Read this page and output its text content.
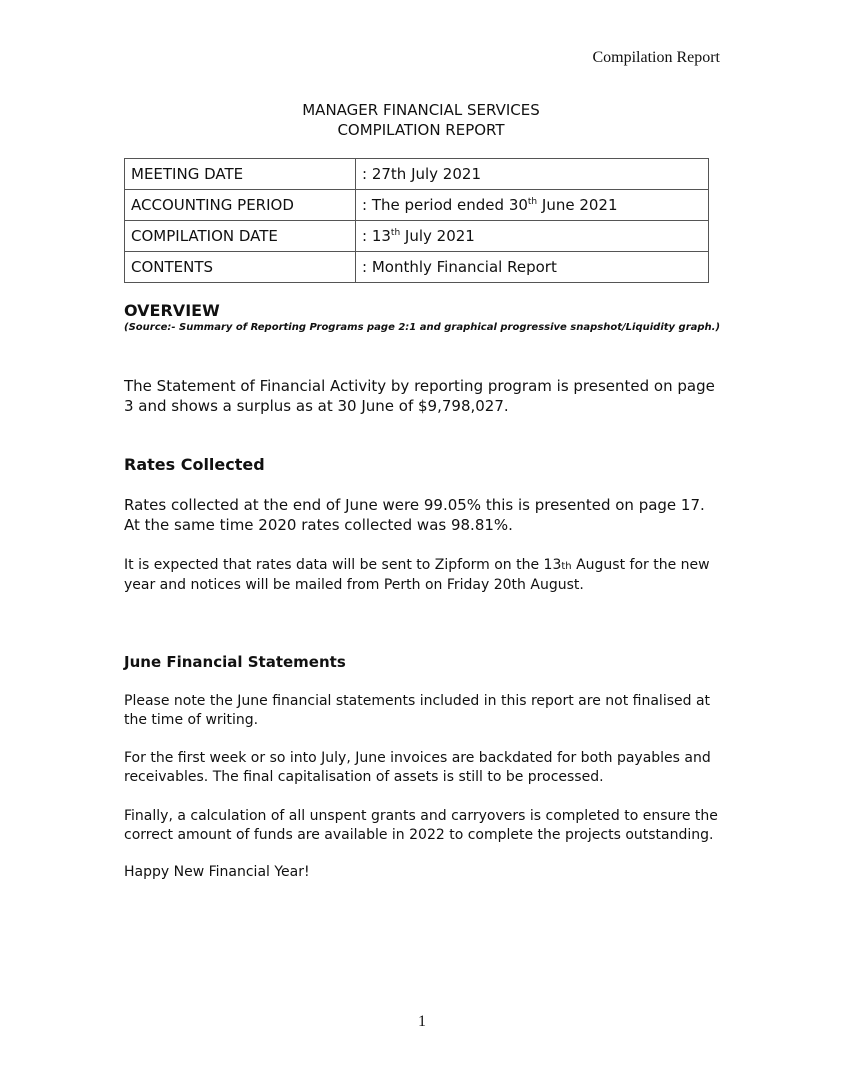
Compilation Report
MANAGER FINANCIAL SERVICES
COMPILATION REPORT
MEETING DATE	: 27th July 2021
ACCOUNTING PERIOD	: The period ended 30th June 2021
COMPILATION DATE	: 13th July 2021
CONTENTS	: Monthly Financial Report
OVERVIEW
(Source:- Summary of Reporting Programs page 2:1 and graphical progressive snapshot/Liquidity graph.)

The Statement of Financial Activity by reporting program is presented on page 3 and shows a surplus as at 30 June of $9,798,027.

Rates Collected

Rates collected at the end of June were 99.05% this is presented on page 17. At the same time 2020 rates collected was 98.81%.

It is expected that rates data will be sent to Zipform on the 13th August for the new year and notices will be mailed from Perth on Friday 20th August.

June Financial Statements

Please note the June financial statements included in this report are not finalised at the time of writing.

For the first week or so into July, June invoices are backdated for both payables and receivables. The final capitalisation of assets is still to be processed.

Finally, a calculation of all unspent grants and carryovers is completed to ensure the correct amount of funds are available in 2022 to complete the projects outstanding.

Happy New Financial Year!

1
